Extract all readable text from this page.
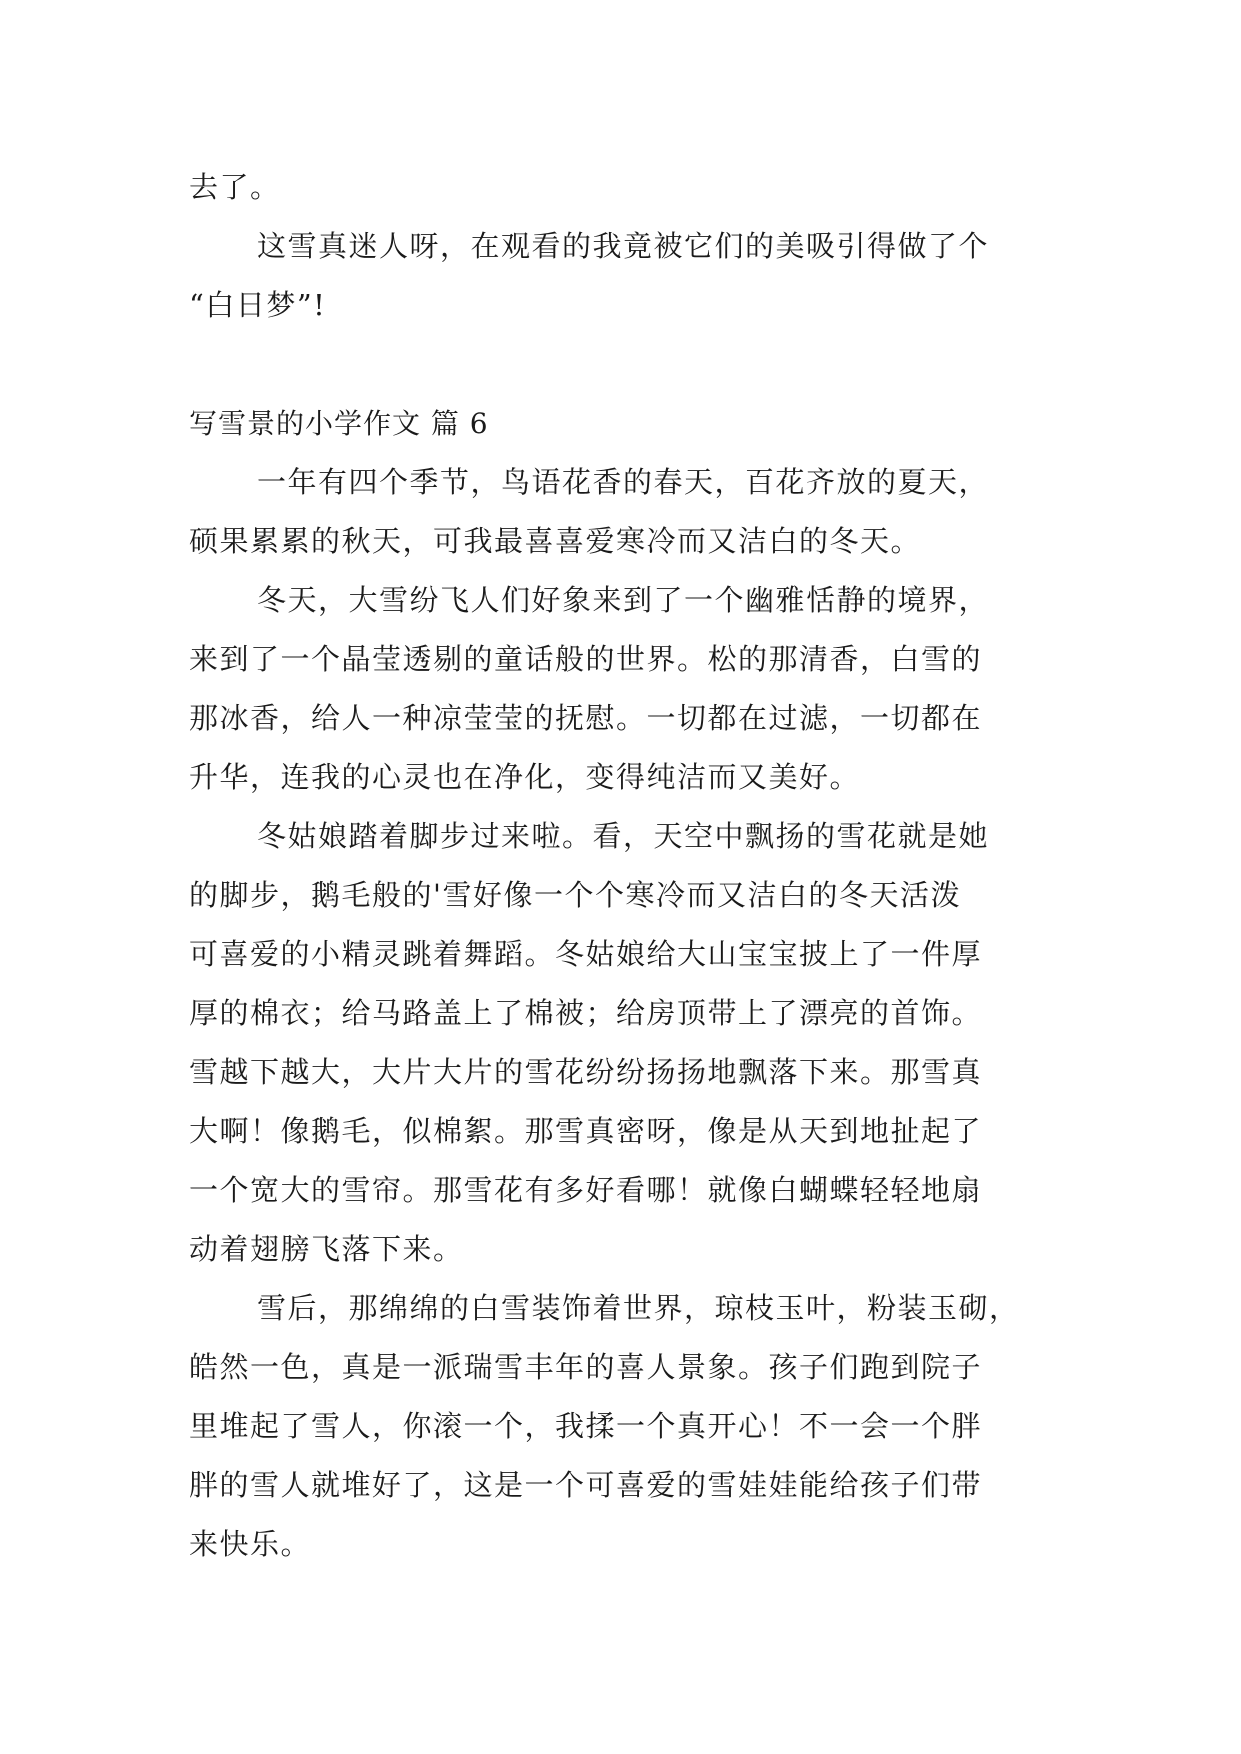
去了。
这雪真迷人呀，在观看的我竟被它们的美吸引得做了个
“白日梦”!
写雪景的小学作文 篇 6
一年有四个季节，鸟语花香的春天，百花齐放的夏天，
硕果累累的秋天，可我最喜喜爱寒冷而又洁白的冬天。
冬天，大雪纷飞人们好象来到了一个幽雅恬静的境界，
来到了一个晶莹透剔的童话般的世界。松的那清香，白雪的
那冰香，给人一种凉莹莹的抚慰。一切都在过滤，一切都在
升华，连我的心灵也在净化，变得纯洁而又美好。
冬姑娘踏着脚步过来啦。看，天空中飘扬的雪花就是她
的脚步，鹅毛般的'雪好像一个个寒冷而又洁白的冬天活泼
可喜爱的小精灵跳着舞蹈。冬姑娘给大山宝宝披上了一件厚
厚的棉衣；给马路盖上了棉被；给房顶带上了漂亮的首饰。
雪越下越大，大片大片的雪花纷纷扬扬地飘落下来。那雪真
大啊！像鹅毛，似棉絮。那雪真密呀，像是从天到地扯起了
一个宽大的雪帘。那雪花有多好看哪！就像白蝴蝶轻轻地扇
动着翅膀飞落下来。
雪后，那绵绵的白雪装饰着世界，琼枝玉叶，粉装玉砌，
皓然一色，真是一派瑞雪丰年的喜人景象。孩子们跑到院子
里堆起了雪人，你滚一个，我揉一个真开心！不一会一个胖
胖的雪人就堆好了，这是一个可喜爱的雪娃娃能给孩子们带
来快乐。
